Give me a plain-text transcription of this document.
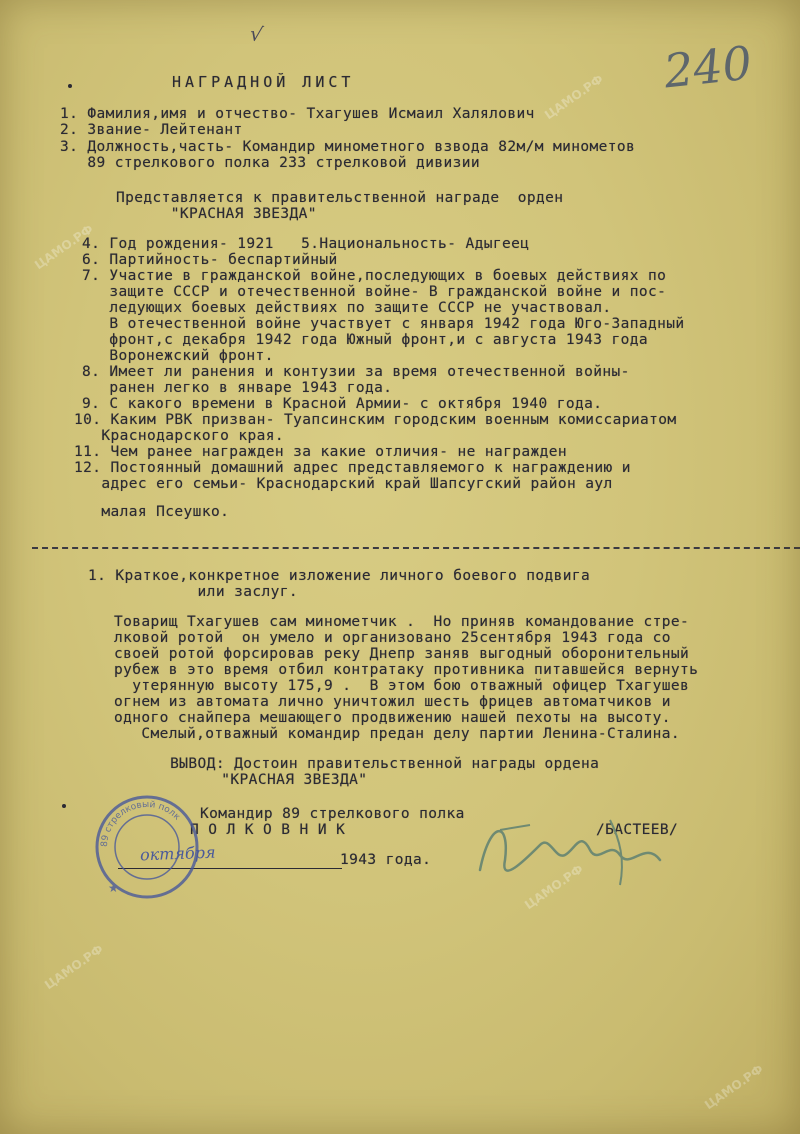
√
240
НАГРАДНОЙ ЛИСТ
1. Фамилия,имя и отчество- Тхагушев Исмаил Халялович
2. Звание- Лейтенант
3. Должность,часть- Командир минометного взвода 82м/м минометов
89 стрелкового полка 233 стрелковой дивизии
Представляется к правительственной награде  орден
"КРАСНАЯ ЗВЕЗДА"
4. Год рождения- 1921   5.Национальность- Адыгеец
6. Партийность- беспартийный
7. Участие в гражданской войне,последующих в боевых действиях по
защите СССР и отечественной войне- В гражданской войне и пос-
ледующих боевых действиях по защите СССР не участвовал.
В отечественной войне участвует с января 1942 года Юго-Западный
фронт,с декабря 1942 года Южный фронт,и с августа 1943 года
Воронежский фронт.
8. Имеет ли ранения и контузии за время отечественной войны-
ранен легко в январе 1943 года.
9. С какого времени в Красной Армии- с октября 1940 года.
10. Каким РВК призван- Туапсинским городским военным комиссариатом
Краснодарского края.
11. Чем ранее награжден за какие отличия- не награжден
12. Постоянный домашний адрес представляемого к награждению и
адрес его семьи- Краснодарский край Шапсугский район аул
малая Псеушко.
1. Краткое,конкретное изложение личного боевого подвига
или заслуг.
Товарищ Тхагушев сам минометчик .  Но приняв командование стре-
лковой ротой  он умело и организовано 25сентября 1943 года со
своей ротой форсировав реку Днепр заняв выгодный оборонительный
рубеж в это время отбил контратаку противника питавшейся вернуть
утерянную высоту 175,9 .  В этом бою отважный офицер Тхагушев
огнем из автомата лично уничтожил шесть фрицев автоматчиков и
одного снайпера мешающего продвижению нашей пехоты на высоту.
Смелый,отважный командир предан делу партии Ленина-Сталина.
ВЫВОД: Достоин правительственной награды ордена
"КРАСНАЯ ЗВЕЗДА"
Командир 89 стрелкового полка
П О Л К О В Н И К	/БАСТЕЕВ/
октября	1943 года.
89 стрелковый полк
★
ЦАМО.РФ
ЦАМО.РФ
ЦАМО.РФ
ЦАМО.РФ
ЦАМО.РФ
